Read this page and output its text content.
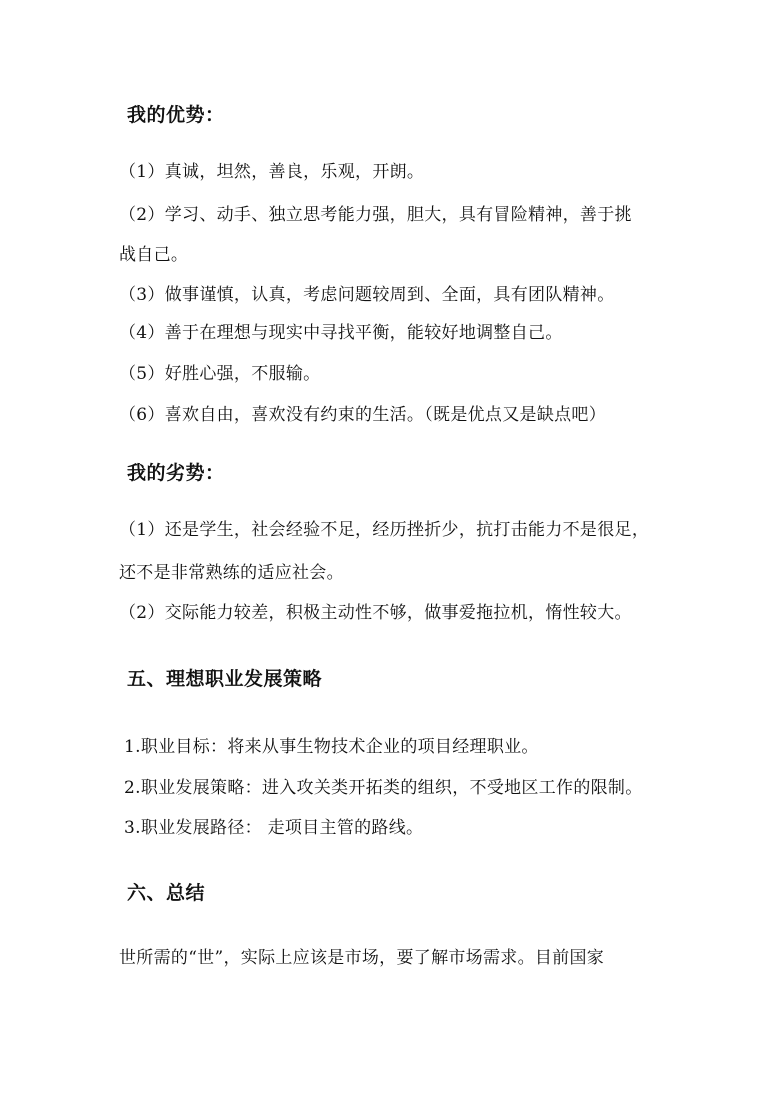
我的优势：
（1）真诚，坦然，善良，乐观，开朗。
（2）学习、动手、独立思考能力强，胆大，具有冒险精神，善于挑
战自己。
（3）做事谨慎，认真，考虑问题较周到、全面，具有团队精神。
（4）善于在理想与现实中寻找平衡，能较好地调整自己。
（5）好胜心强，不服输。
（6）喜欢自由，喜欢没有约束的生活。（既是优点又是缺点吧）
我的劣势：
（1）还是学生，社会经验不足，经历挫折少，抗打击能力不是很足，
还不是非常熟练的适应社会。
（2）交际能力较差，积极主动性不够，做事爱拖拉机，惰性较大。
五、理想职业发展策略
1.职业目标：将来从事生物技术企业的项目经理职业。
2.职业发展策略：进入攻关类开拓类的组织，不受地区工作的限制。
3.职业发展路径： 走项目主管的路线。
六、总结
世所需的“世”，实际上应该是市场，要了解市场需求。目前国家
